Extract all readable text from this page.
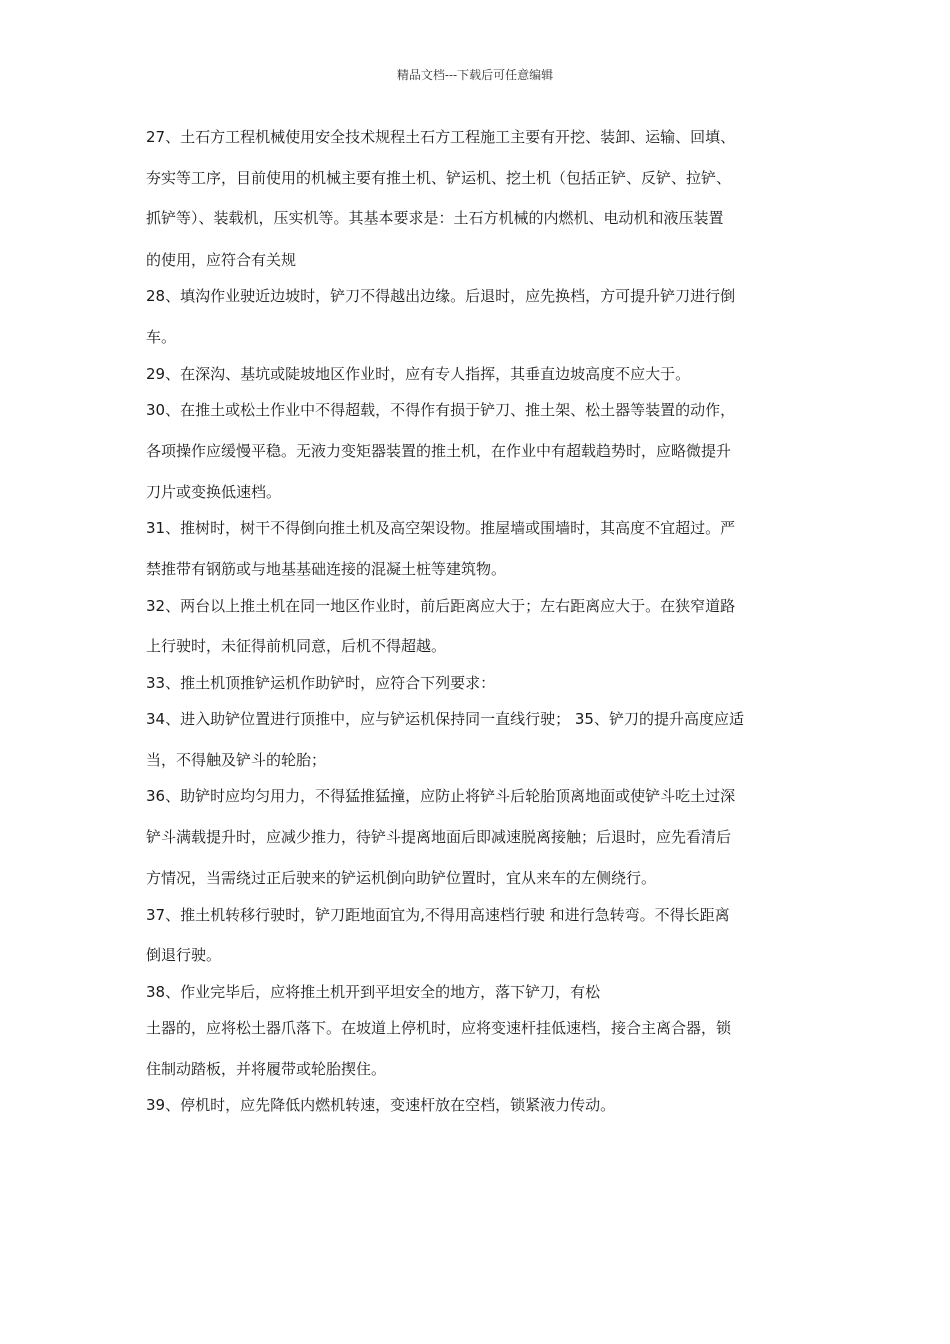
精品文档---下载后可任意编辑
27、土石方工程机械使用安全技术规程土石方工程施工主要有开挖、装卸、运输、回填、
夯实等工序，目前使用的机械主要有推土机、铲运机、挖土机（包括正铲、反铲、拉铲、
抓铲等）、装载机，压实机等。其基本要求是：土石方机械的内燃机、电动机和液压装置
的使用，应符合有关规
28、填沟作业驶近边坡时，铲刀不得越出边缘。后退时，应先换档，方可提升铲刀进行倒
车。
29、在深沟、基坑或陡坡地区作业时，应有专人指挥，其垂直边坡高度不应大于。
30、在推土或松土作业中不得超载，不得作有损于铲刀、推土架、松土器等装置的动作，
各项操作应缓慢平稳。无液力变矩器装置的推土机，在作业中有超载趋势时，应略微提升
刀片或变换低速档。
31、推树时，树干不得倒向推土机及高空架设物。推屋墙或围墙时，其高度不宜超过。严
禁推带有钢筋或与地基基础连接的混凝土桩等建筑物。
32、两台以上推土机在同一地区作业时，前后距离应大于；左右距离应大于。在狭窄道路
上行驶时，未征得前机同意，后机不得超越。
33、推土机顶推铲运机作助铲时，应符合下列要求：
34、进入助铲位置进行顶推中，应与铲运机保持同一直线行驶； 35、铲刀的提升高度应适
当，不得触及铲斗的轮胎；
36、助铲时应均匀用力，不得猛推猛撞，应防止将铲斗后轮胎顶离地面或使铲斗吃土过深
铲斗满载提升时，应减少推力，待铲斗提离地面后即减速脱离接触；后退时，应先看清后
方情况，当需绕过正后驶来的铲运机倒向助铲位置时，宜从来车的左侧绕行。
37、推土机转移行驶时，铲刀距地面宜为,不得用高速档行驶 和进行急转弯。不得长距离
倒退行驶。
38、作业完毕后，应将推土机开到平坦安全的地方，落下铲刀，有松
土器的，应将松土器爪落下。在坡道上停机时，应将变速杆挂低速档，接合主离合器，锁
住制动踏板，并将履带或轮胎揳住。
39、停机时，应先降低内燃机转速，变速杆放在空档，锁紧液力传动。
